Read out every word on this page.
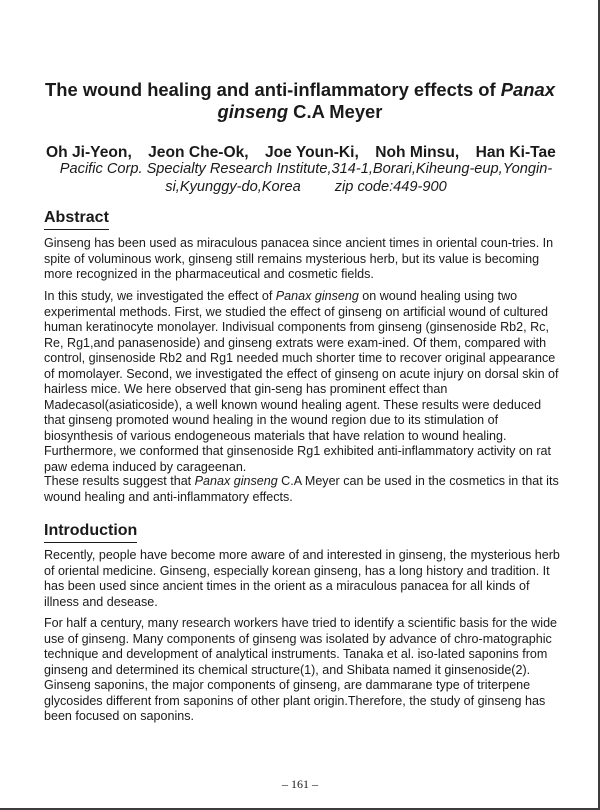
The wound healing and anti-inflammatory effects of Panax
ginseng C.A Meyer

Oh Ji-Yeon, Jeon Che-Ok, Joe Youn-Ki, Noh Minsu, Han Ki-Tae

Pacific Corp. Specialty Research Institute,314-1,Borari,Kiheung-eup,Yongin-
si,Kyunggy-do,Korea zip code:449-900

Abstract

Ginseng has been used as miraculous panacea since ancient times in oriental coun-tries. In spite of voluminous work, ginseng still remains mysterious herb, but its value is becoming more recognized in the pharmaceutical and cosmetic fields.

In this study, we investigated the effect of Panax ginseng on wound healing using two experimental methods. First, we studied the effect of ginseng on artificial wound of cultured human keratinocyte monolayer. Indivisual components from ginseng (ginsenoside Rb2, Rc, Re, Rg1,and panasenoside) and ginseng extrats were exam-ined. Of them, compared with control, ginsenoside Rb2 and Rg1 needed much shorter time to recover original appearance of momolayer. Second, we investigated the effect of ginseng on acute injury on dorsal skin of hairless mice. We here observed that gin-seng has prominent effect than Madecasol(asiaticoside), a well known wound healing agent. These results were deduced that ginseng promoted wound healing in the wound region due to its stimulation of biosynthesis of various endogeneous materials that have relation to wound healing. Furthermore, we conformed that ginsenoside Rg1 exhibited anti-inflammatory activity on rat paw edema induced by carageenan.

These results suggest that Panax ginseng C.A Meyer can be used in the cosmetics in that its wound healing and anti-inflammatory effects.

Introduction

Recently, people have become more aware of and interested in ginseng, the mysterious herb of oriental medicine. Ginseng, especially korean ginseng, has a long history and tradition. It has been used since ancient times in the orient as a miraculous panacea for all kinds of illness and desease.

For half a century, many research workers have tried to identify a scientific basis for the wide use of ginseng. Many components of ginseng was isolated by advance of chro-matographic technique and development of analytical instruments. Tanaka et al. iso-lated saponins from ginseng and determined its chemical structure(1), and Shibata named it ginsenoside(2). Ginseng saponins, the major components of ginseng, are dammarane type of triterpene glycosides different from saponins of other plant origin.Therefore, the study of ginseng has been focused on saponins.

– 161 –
